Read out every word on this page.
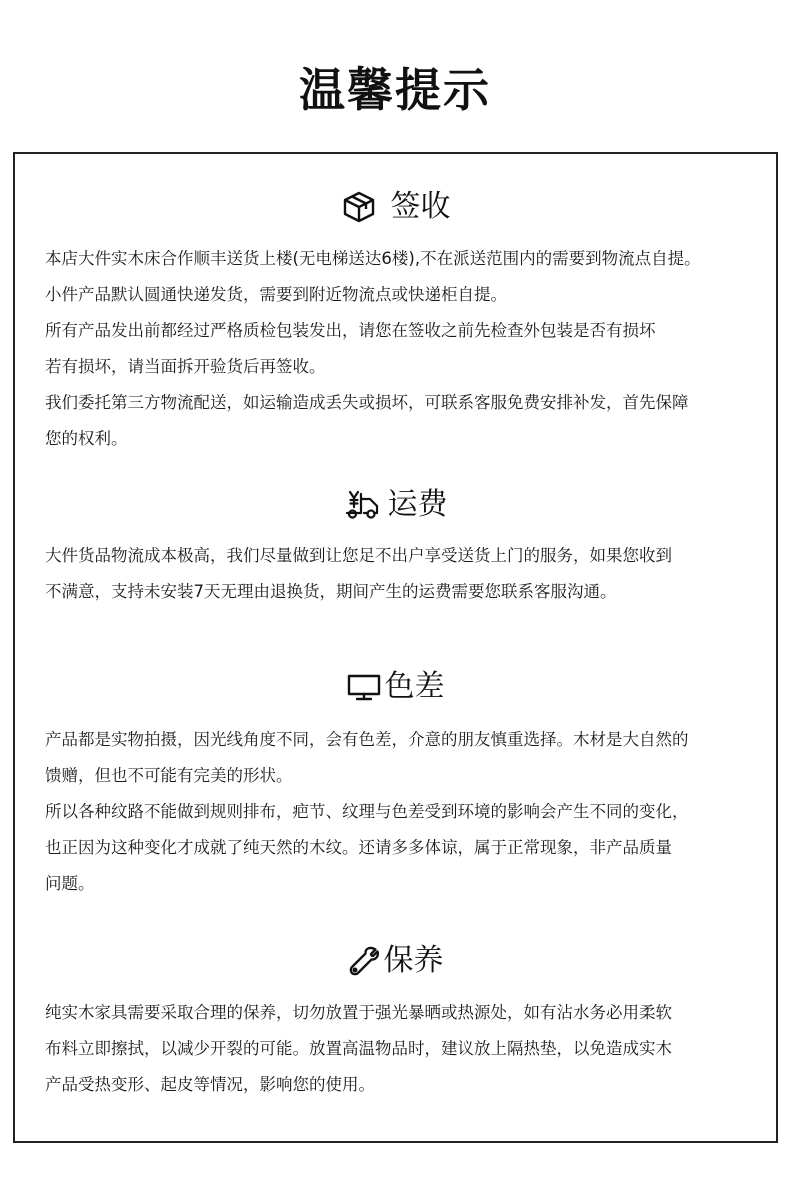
温馨提示
签收
本店大件实木床合作顺丰送货上楼(无电梯送达6楼),不在派送范围内的需要到物流点自提。
小件产品默认圆通快递发货，需要到附近物流点或快递柜自提。
所有产品发出前都经过严格质检包装发出，请您在签收之前先检查外包装是否有损坏
若有损坏，请当面拆开验货后再签收。
我们委托第三方物流配送，如运输造成丢失或损坏，可联系客服免费安排补发，首先保障
您的权利。
运费
大件货品物流成本极高，我们尽量做到让您足不出户享受送货上门的服务，如果您收到
不满意，支持未安装7天无理由退换货，期间产生的运费需要您联系客服沟通。
色差
产品都是实物拍摄，因光线角度不同，会有色差，介意的朋友慎重选择。木材是大自然的
馈赠，但也不可能有完美的形状。
所以各种纹路不能做到规则排布，疤节、纹理与色差受到环境的影响会产生不同的变化，
也正因为这种变化才成就了纯天然的木纹。还请多多体谅，属于正常现象，非产品质量
问题。
保养
纯实木家具需要采取合理的保养，切勿放置于强光暴晒或热源处，如有沾水务必用柔软
布料立即擦拭，以减少开裂的可能。放置高温物品时，建议放上隔热垫，以免造成实木
产品受热变形、起皮等情况，影响您的使用。
